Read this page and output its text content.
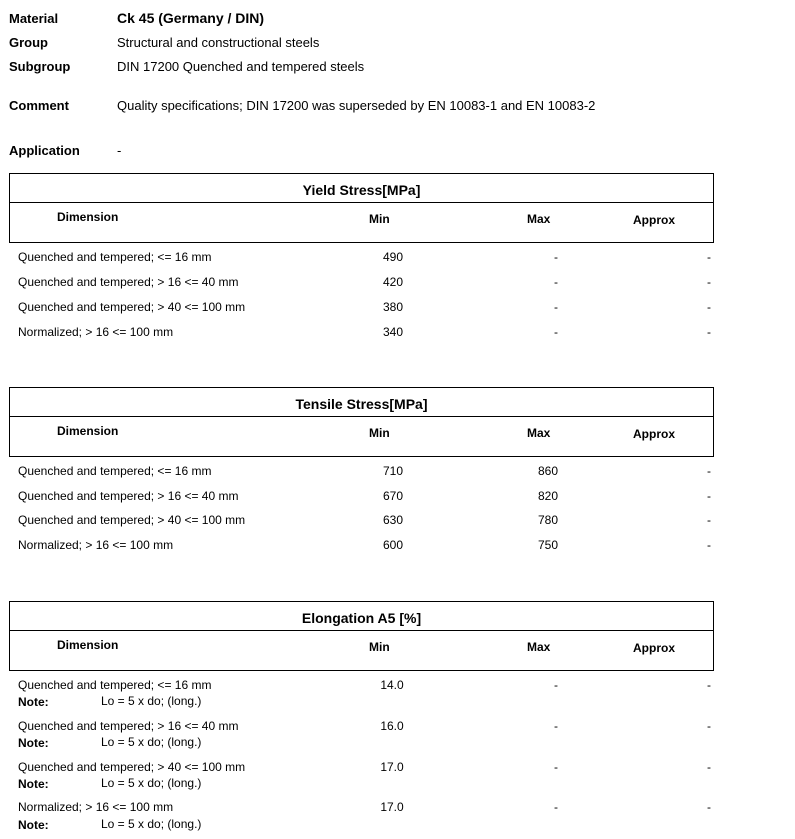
Material	Ck 45 (Germany / DIN)
Group	Structural and constructional steels
Subgroup	DIN 17200 Quenched and tempered steels
Comment	Quality specifications; DIN 17200 was superseded by EN 10083-1 and EN 10083-2
Application	-
Yield Stress[MPa]
Dimension	Min	Max	Approx
Quenched and tempered; <= 16 mm	490	-	-
Quenched and tempered; > 16 <= 40 mm	420	-	-
Quenched and tempered; > 40 <= 100 mm	380	-	-
Normalized; > 16 <= 100 mm	340	-	-
Tensile Stress[MPa]
Dimension	Min	Max	Approx
Quenched and tempered; <= 16 mm	710	860	-
Quenched and tempered; > 16 <= 40 mm	670	820	-
Quenched and tempered; > 40 <= 100 mm	630	780	-
Normalized; > 16 <= 100 mm	600	750	-
Elongation A5 [%]
Dimension	Min	Max	Approx
Quenched and tempered; <= 16 mm	14.0	-	-
Note:	Lo = 5 x do; (long.)
Quenched and tempered; > 16 <= 40 mm	16.0	-	-
Note:	Lo = 5 x do; (long.)
Quenched and tempered; > 40 <= 100 mm	17.0	-	-
Note:	Lo = 5 x do; (long.)
Normalized; > 16 <= 100 mm	17.0	-	-
Note:	Lo = 5 x do; (long.)
